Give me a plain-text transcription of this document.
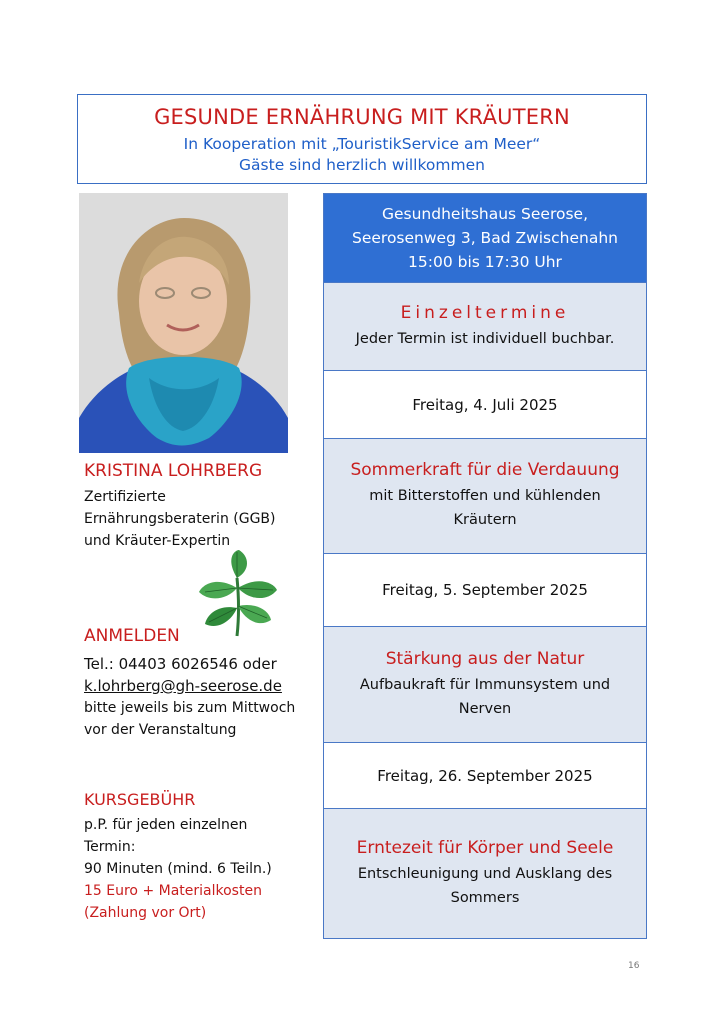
GESUNDE ERNÄHRUNG MIT KRÄUTERN
In Kooperation mit „TouristikService am Meer“
Gäste sind herzlich willkommen
KRISTINA LOHRBERG
Zertifizierte
Ernährungsberaterin (GGB)
und Kräuter-Expertin
ANMELDEN
Tel.: 04403 6026546 oder
k.lohrberg@gh-seerose.de
bitte jeweils bis zum Mittwoch
vor der Veranstaltung
KURSGEBÜHR
p.P. für jeden einzelnen
Termin:
90 Minuten (mind. 6 Teiln.)
15 Euro + Materialkosten
(Zahlung vor Ort)
Gesundheitshaus Seerose,
Seerosenweg 3, Bad Zwischenahn
15:00 bis 17:30 Uhr
Einzeltermine
Jeder Termin ist individuell buchbar.
Freitag, 4. Juli 2025
Sommerkraft für die Verdauung
mit Bitterstoffen und kühlenden
Kräutern
Freitag, 5. September 2025
Stärkung aus der Natur
Aufbaukraft für Immunsystem und
Nerven
Freitag, 26. September 2025
Erntezeit für Körper und Seele
Entschleunigung und Ausklang des
Sommers
16
